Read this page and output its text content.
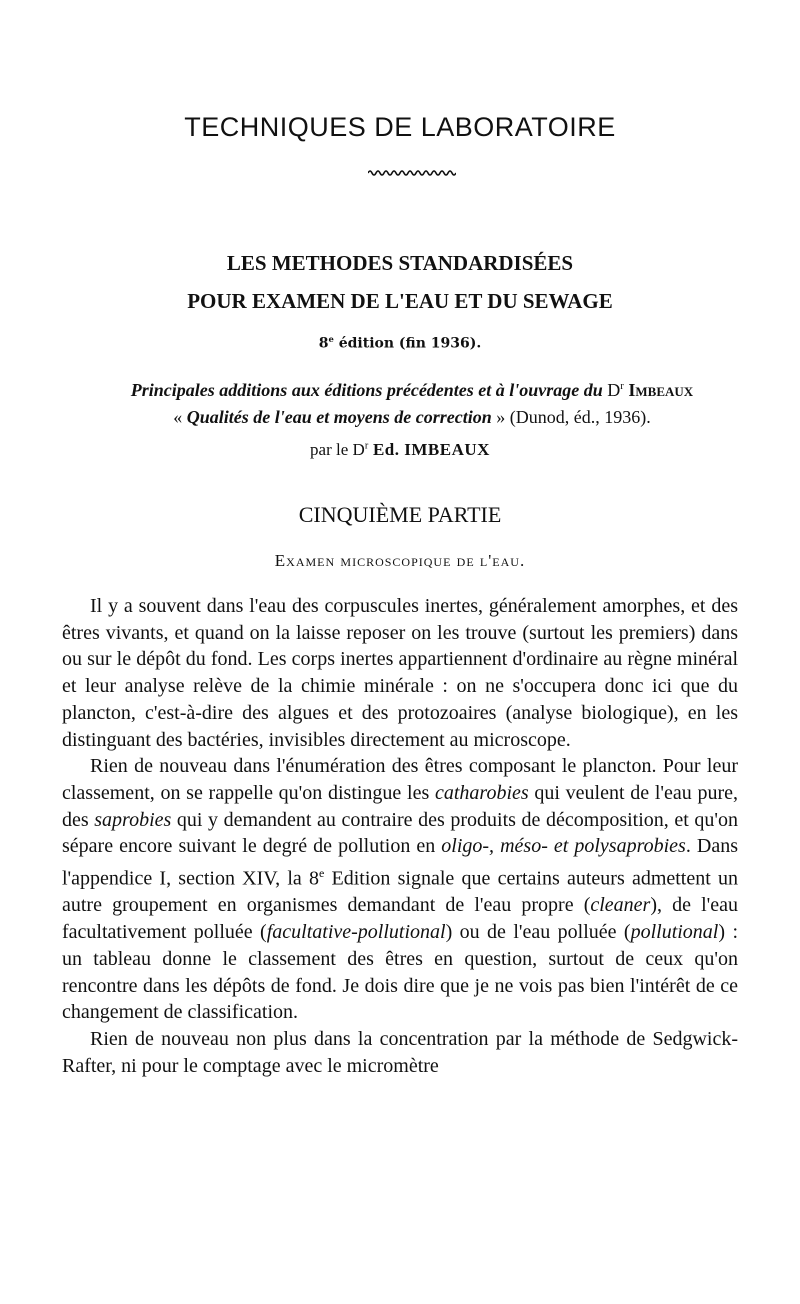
TECHNIQUES DE LABORATOIRE
LES METHODES STANDARDISÉES
POUR EXAMEN DE L'EAU ET DU SEWAGE
8e édition (fin 1936).
Principales additions aux éditions précédentes et à l'ouvrage du $D^r$ Imbeaux
« Qualités de l'eau et moyens de correction » (Dunod, éd., 1936).
par le $D^r$ Ed. IMBEAUX
CINQUIÈME PARTIE
Examen microscopique de l'eau.

Il y a souvent dans l'eau des corpuscules inertes, généralement amorphes, et des êtres vivants, et quand on la laisse reposer on les trouve (surtout les premiers) dans ou sur le dépôt du fond. Les corps inertes appartiennent d'ordinaire au règne minéral et leur analyse relève de la chimie minérale : on ne s'occupera donc ici que du plancton, c'est-à-dire des algues et des protozoaires (analyse biologique), en les distinguant des bactéries, invisibles directement au microscope.

Rien de nouveau dans l'énumération des êtres composant le plancton. Pour leur classement, on se rappelle qu'on distingue les catharobies qui veulent de l'eau pure, des saprobies qui y demandent au contraire des produits de décomposition, et qu'on sépare encore suivant le degré de pollution en oligo-, méso- et polysaprobies. Dans l'appendice I, section XIV, la 8e Edition signale que certains auteurs admettent un autre groupement en organismes demandant de l'eau propre (cleaner), de l'eau facultativement polluée (facultative-pollutional) ou de l'eau polluée (pollutional) : un tableau donne le classement des êtres en question, surtout de ceux qu'on rencontre dans les dépôts de fond. Je dois dire que je ne vois pas bien l'intérêt de ce changement de classification.

Rien de nouveau non plus dans la concentration par la méthode de Sedgwick-Rafter, ni pour le comptage avec le micromètre
